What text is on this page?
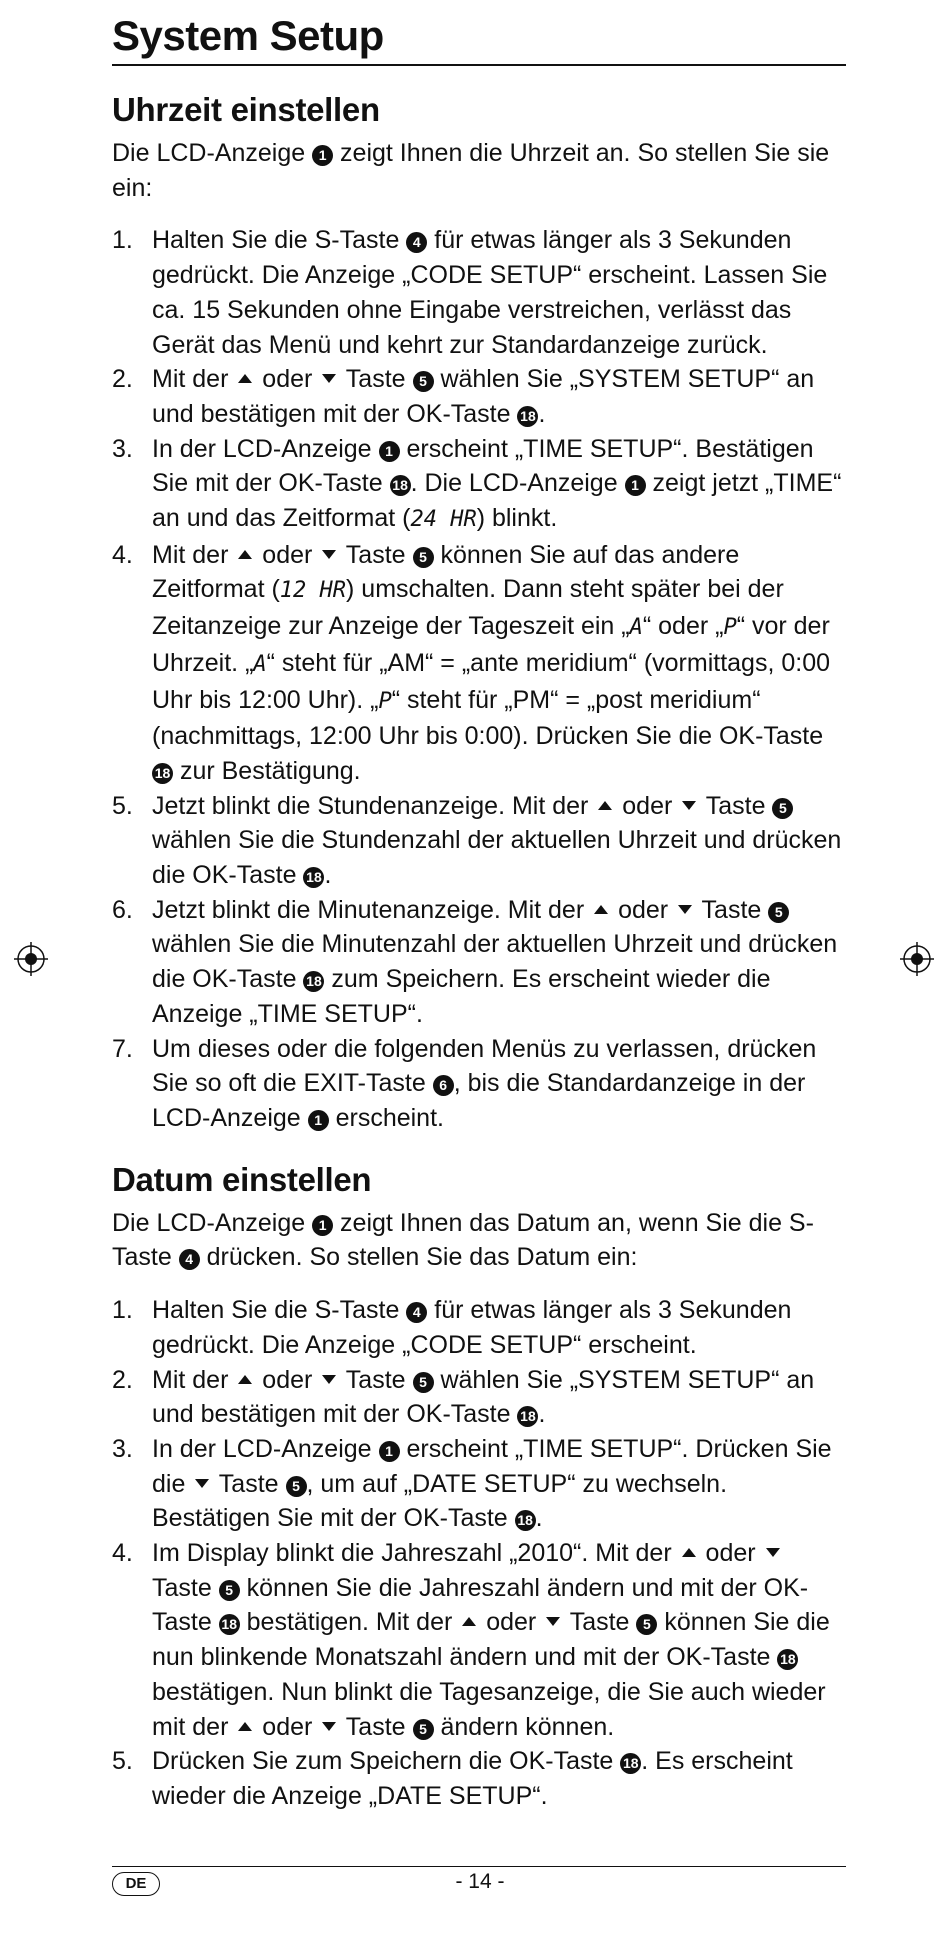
System Setup
Uhrzeit einstellen

Die LCD-Anzeige 1 zeigt Ihnen die Uhrzeit an. So stellen Sie sie ein:

1. Halten Sie die S-Taste 4 für etwas länger als 3 Sekunden gedrückt. Die Anzeige „CODE SETUP“ erscheint. Lassen Sie ca. 15 Sekunden ohne Eingabe verstreichen, verlässt das Gerät das Menü und kehrt zur Standardanzeige zurück.
2. Mit der  oder  Taste 5 wählen Sie „SYSTEM SETUP“ an und bestätigen mit der OK-Taste 18 .
3. In der LCD-Anzeige 1 erscheint „TIME SETUP“. Bestätigen Sie mit der OK-Taste 18 . Die LCD-Anzeige 1 zeigt jetzt „TIME“ an und das Zeitformat (24 HR) blinkt.
4. Mit der  oder  Taste 5 können Sie auf das andere Zeitformat (12 HR) umschalten. Dann steht später bei der Zeitanzeige zur Anzeige der Tageszeit ein „A“ oder „P“ vor der Uhrzeit. „A“ steht für „AM“ = „ante meridium“ (vormittags, 0:00 Uhr bis 12:00 Uhr). „P“ steht für „PM“ = „post meridium“ (nachmittags, 12:00 Uhr bis 0:00). Drücken Sie die OK-Taste 18 zur Bestätigung.
5. Jetzt blinkt die Stundenanzeige. Mit der  oder  Taste 5 wählen Sie die Stundenzahl der aktuellen Uhrzeit und drücken die OK-Taste 18 .
6. Jetzt blinkt die Minutenanzeige. Mit der  oder  Taste 5 wählen Sie die Minutenzahl der aktuellen Uhrzeit und drücken die OK-Taste 18 zum Speichern. Es erscheint wieder die Anzeige „TIME SETUP“.
7. Um dieses oder die folgenden Menüs zu verlassen, drücken Sie so oft die EXIT-Taste 6 , bis die Standardanzeige in der LCD-Anzeige 1 erscheint.
Datum einstellen

Die LCD-Anzeige 1 zeigt Ihnen das Datum an, wenn Sie die S-Taste 4 drücken. So stellen Sie das Datum ein:

1. Halten Sie die S-Taste 4 für etwas länger als 3 Sekunden gedrückt. Die Anzeige „CODE SETUP“ erscheint.
2. Mit der  oder  Taste 5 wählen Sie „SYSTEM SETUP“ an und bestätigen mit der OK-Taste 18 .
3. In der LCD-Anzeige 1 erscheint „TIME SETUP“. Drücken Sie die  Taste 5 , um auf „DATE SETUP“ zu wechseln. Bestätigen Sie mit der OK-Taste 18 .
4. Im Display blinkt die Jahreszahl „2010“. Mit der  oder  Taste 5 können Sie die Jahreszahl ändern und mit der OK-Taste 18 bestätigen. Mit der  oder  Taste 5 können Sie die nun blinkende Monatszahl ändern und mit der OK-Taste 18 bestätigen. Nun blinkt die Tagesanzeige, die Sie auch wieder mit der  oder  Taste 5 ändern können.
5. Drücken Sie zum Speichern die OK-Taste 18 . Es erscheint wieder die Anzeige „DATE SETUP“.
DE	- 14 -
